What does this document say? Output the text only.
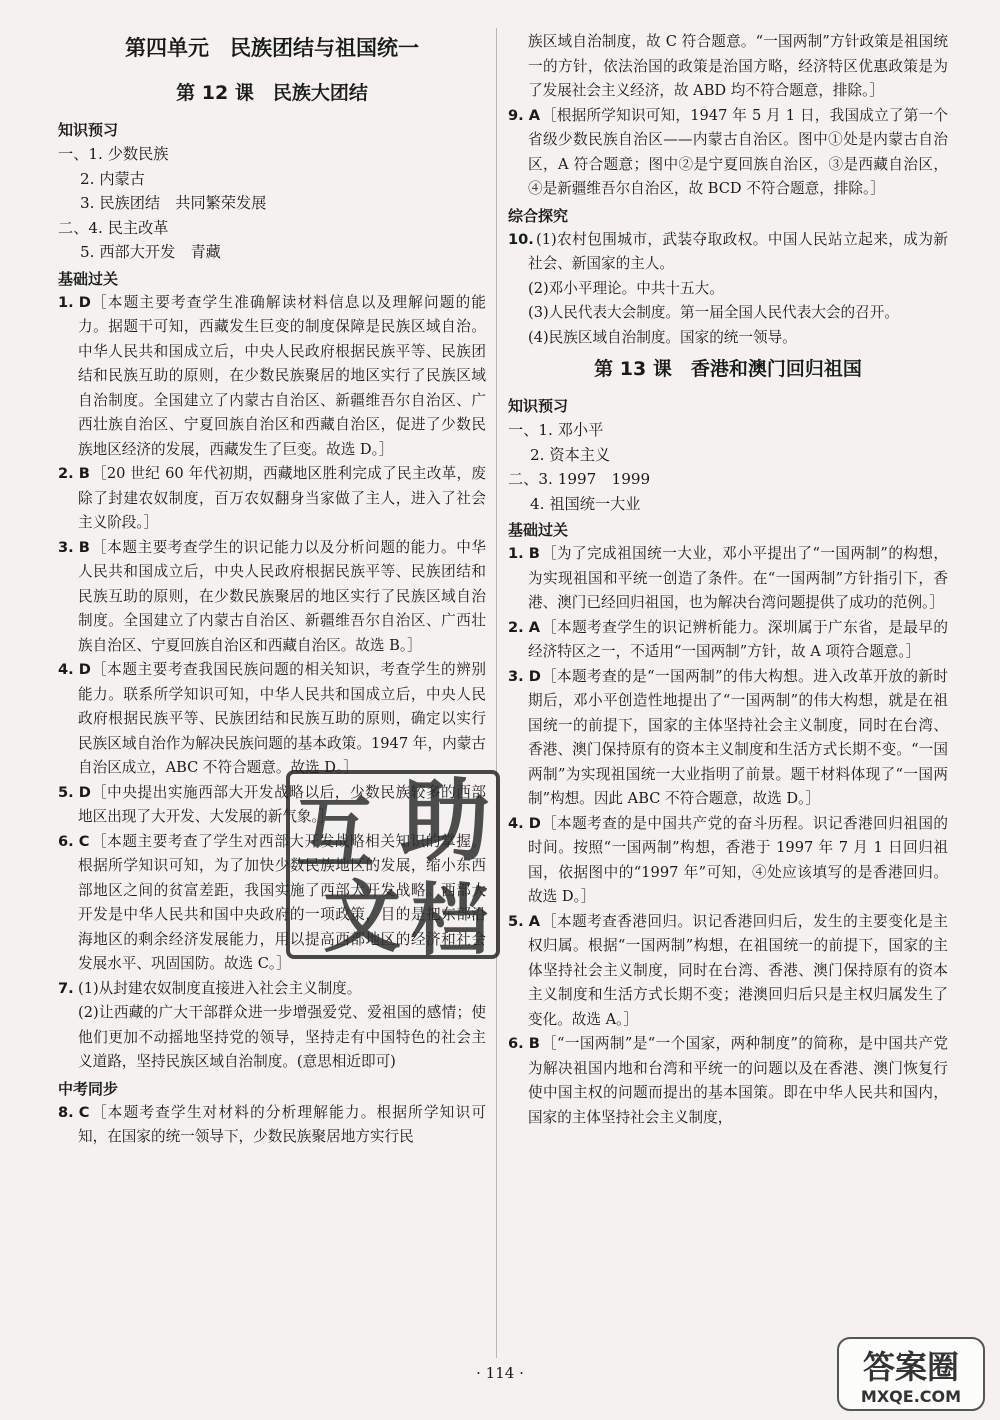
第四单元　民族团结与祖国统一
第 12 课　民族大团结
知识预习
一、1. 少数民族
2. 内蒙古
3. 民族团结　共同繁荣发展
二、4. 民主改革
5. 西部大开发　青藏
基础过关
1. D ［本题主要考查学生准确解读材料信息以及理解问题的能力。据题干可知，西藏发生巨变的制度保障是民族区域自治。中华人民共和国成立后，中央人民政府根据民族平等、民族团结和民族互助的原则，在少数民族聚居的地区实行了民族区域自治制度。全国建立了内蒙古自治区、新疆维吾尔自治区、广西壮族自治区、宁夏回族自治区和西藏自治区，促进了少数民族地区经济的发展，西藏发生了巨变。故选 D。］
2. B ［20 世纪 60 年代初期，西藏地区胜利完成了民主改革，废除了封建农奴制度，百万农奴翻身当家做了主人，进入了社会主义阶段。］
3. B ［本题主要考查学生的识记能力以及分析问题的能力。中华人民共和国成立后，中央人民政府根据民族平等、民族团结和民族互助的原则，在少数民族聚居的地区实行了民族区域自治制度。全国建立了内蒙古自治区、新疆维吾尔自治区、广西壮族自治区、宁夏回族自治区和西藏自治区。故选 B。］
4. D ［本题主要考查我国民族问题的相关知识，考查学生的辨别能力。联系所学知识可知，中华人民共和国成立后，中央人民政府根据民族平等、民族团结和民族互助的原则，确定以实行民族区域自治作为解决民族问题的基本政策。1947 年，内蒙古自治区成立，ABC 不符合题意。故选 D。］
5. D ［中央提出实施西部大开发战略以后，少数民族较多的西部地区出现了大开发、大发展的新气象。］
6. C ［本题主要考查了学生对西部大开发战略相关知识的掌握。根据所学知识可知，为了加快少数民族地区的发展，缩小东西部地区之间的贫富差距，我国实施了西部大开发战略。西部大开发是中华人民共和国中央政府的一项政策，目的是把东部沿海地区的剩余经济发展能力，用以提高西部地区的经济和社会发展水平、巩固国防。故选 C。］
7. (1)从封建农奴制度直接进入社会主义制度。
(2)让西藏的广大干部群众进一步增强爱党、爱祖国的感情；使他们更加不动摇地坚持党的领导，坚持走有中国特色的社会主义道路，坚持民族区域自治制度。(意思相近即可)
中考同步
8. C ［本题考查学生对材料的分析理解能力。根据所学知识可知，在国家的统一领导下，少数民族聚居地方实行民
族区域自治制度，故 C 符合题意。“一国两制”方针政策是祖国统一的方针，依法治国的政策是治国方略，经济特区优惠政策是为了发展社会主义经济，故 ABD 均不符合题意，排除。］
9. A ［根据所学知识可知，1947 年 5 月 1 日，我国成立了第一个省级少数民族自治区——内蒙古自治区。图中①处是内蒙古自治区，A 符合题意；图中②是宁夏回族自治区，③是西藏自治区，④是新疆维吾尔自治区，故 BCD 不符合题意，排除。］
综合探究
10. (1)农村包围城市，武装夺取政权。中国人民站立起来，成为新社会、新国家的主人。
(2)邓小平理论。中共十五大。
(3)人民代表大会制度。第一届全国人民代表大会的召开。
(4)民族区域自治制度。国家的统一领导。
第 13 课　香港和澳门回归祖国
知识预习
一、1. 邓小平
2. 资本主义
二、3. 1997　1999
4. 祖国统一大业
基础过关
1. B ［为了完成祖国统一大业，邓小平提出了“一国两制”的构想，为实现祖国和平统一创造了条件。在“一国两制”方针指引下，香港、澳门已经回归祖国，也为解决台湾问题提供了成功的范例。］
2. A ［本题考查学生的识记辨析能力。深圳属于广东省，是最早的经济特区之一，不适用“一国两制”方针，故 A 项符合题意。］
3. D ［本题考查的是“一国两制”的伟大构想。进入改革开放的新时期后，邓小平创造性地提出了“一国两制”的伟大构想，就是在祖国统一的前提下，国家的主体坚持社会主义制度，同时在台湾、香港、澳门保持原有的资本主义制度和生活方式长期不变。“一国两制”为实现祖国统一大业指明了前景。题干材料体现了“一国两制”构想。因此 ABC 不符合题意，故选 D。］
4. D ［本题考查的是中国共产党的奋斗历程。识记香港回归祖国的时间。按照“一国两制”构想，香港于 1997 年 7 月 1 日回归祖国，依据图中的“1997 年”可知，④处应该填写的是香港回归。故选 D。］
5. A ［本题考查香港回归。识记香港回归后，发生的主要变化是主权归属。根据“一国两制”构想，在祖国统一的前提下，国家的主体坚持社会主义制度，同时在台湾、香港、澳门保持原有的资本主义制度和生活方式长期不变；港澳回归后只是主权归属发生了变化。故选 A。］
6. B ［“一国两制”是“一个国家，两种制度”的简称，是中国共产党为解决祖国内地和台湾和平统一的问题以及在香港、澳门恢复行使中国主权的问题而提出的基本国策。即在中华人民共和国内，国家的主体坚持社会主义制度，
互 助
文 档
· 114 ·	答案圈
MXQE.COM
